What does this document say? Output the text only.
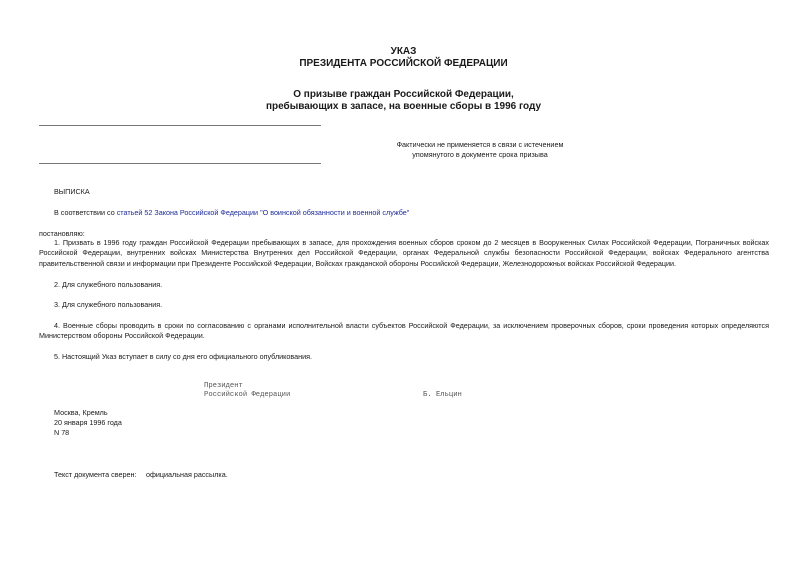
УКАЗ
ПРЕЗИДЕНТА РОССИЙСКОЙ ФЕДЕРАЦИИ
О призыве граждан Российской Федерации,
пребывающих в запасе, на военные сборы в 1996 году
Фактически не применяется в связи с истечением
упомянутого в документе срока призыва
ВЫПИСКА
В соответствии со статьей 52 Закона Российской Федерации "О воинской обязанности и военной службе"
постановляю:
1. Призвать в 1996 году граждан Российской Федерации пребывающих в запасе, для прохождения военных сборов сроком до 2 месяцев в Вооруженных Силах Российской Федерации, Пограничных войсках Российской Федерации, внутренних войсках Министерства Внутренних дел Российской Федерации, органах Федеральной службы безопасности Российской Федерации, войсках Федерального агентства правительственной связи и информации при Президенте Российской Федерации, Войсках гражданской обороны Российской Федерации, Железнодорожных войсках Российской Федерации.
2. Для служебного пользования.
3. Для служебного пользования.
4. Военные сборы проводить в сроки по согласованию с органами исполнительной власти субъектов Российской Федерации, за исключением проверочных сборов, сроки проведения которых определяются Министерством обороны Российской Федерации.
5. Настоящий Указ вступает в силу со дня его официального опубликования.
Президент
Российской Федерации	Б. Ельцин
Москва, Кремль
20 января 1996 года
N 78
Текст документа сверен: официальная рассылка.
